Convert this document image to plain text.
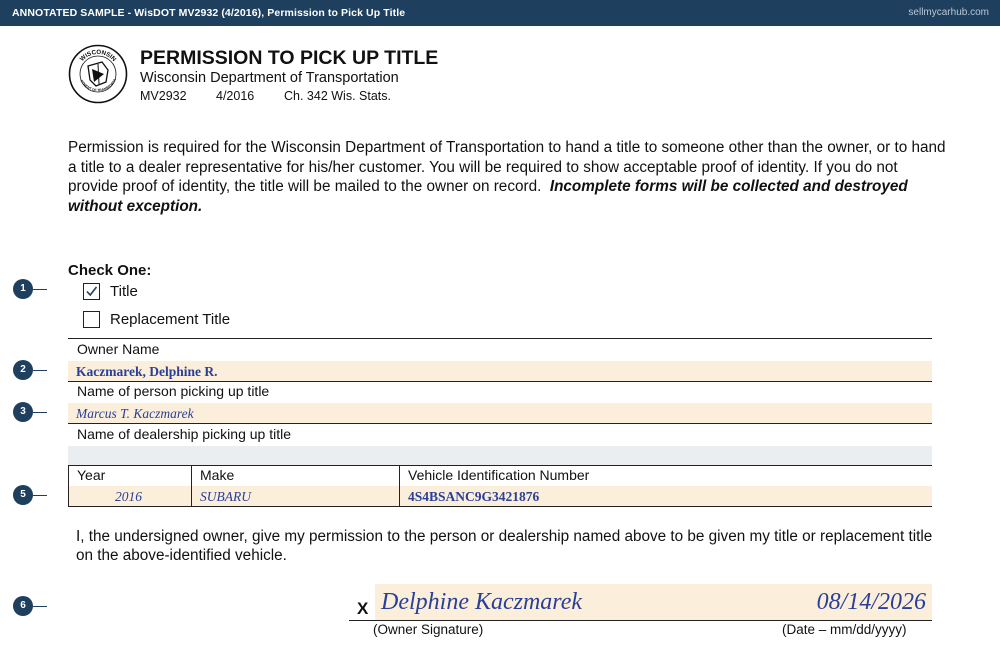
ANNOTATED SAMPLE - WisDOT MV2932 (4/2016), Permission to Pick Up Title	sellmycarhub.com
WISCONSIN
RTMENT OF TRANSPORTA
PERMISSION TO PICK UP TITLE
Wisconsin Department of Transportation
MV2932 4/2016 Ch. 342 Wis. Stats.
Permission is required for the Wisconsin Department of Transportation to hand a title to someone other than the owner, or to hand a title to a dealer representative for his/her customer. You will be required to show acceptable proof of identity. If you do not provide proof of identity, the title will be mailed to the owner on record. Incomplete forms will be collected and destroyed without exception.
Check One:
Title
Replacement Title
Owner Name
Kaczmarek, Delphine R.
Name of person picking up title
Marcus T. Kaczmarek
Name of dealership picking up title
Year	Make	Vehicle Identification Number
2016	SUBARU	4S4BSANC9G3421876
I, the undersigned owner, give my permission to the person or dealership named above to be given my title or replacement title on the above-identified vehicle.
X Delphine Kaczmarek	08/14/2026
(Owner Signature)	(Date – mm/dd/yyyy)
1
2
3
5
6
